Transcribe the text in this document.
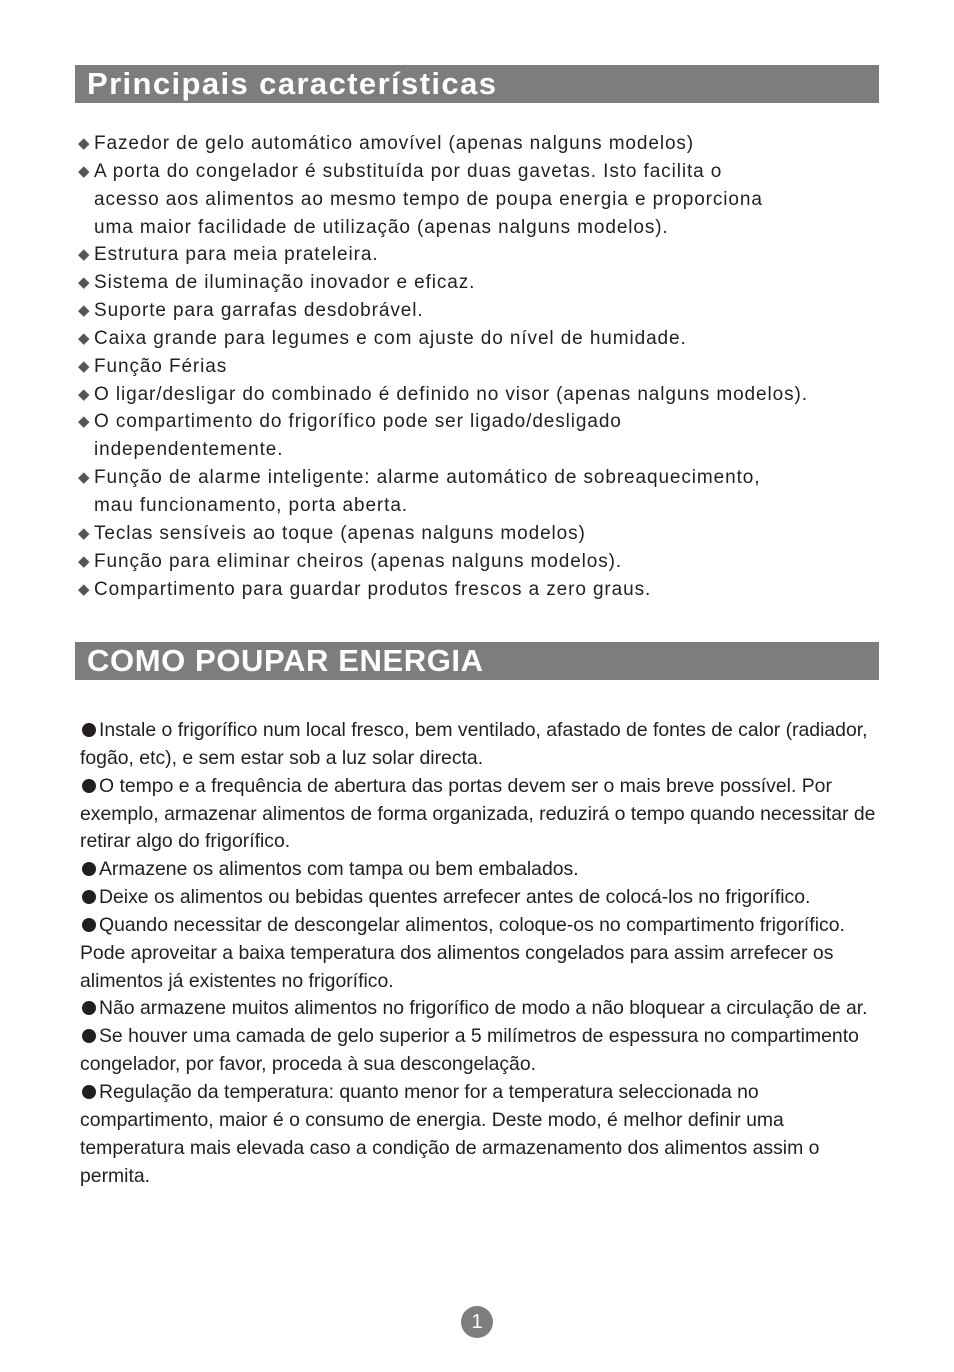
Principais características
◆ Fazedor de gelo automático amovível (apenas nalguns modelos)
◆ A porta do congelador é substituída por duas gavetas. Isto facilita o
acesso aos alimentos ao mesmo tempo de poupa energia e proporciona
uma maior facilidade de utilização (apenas nalguns modelos).
◆ Estrutura para meia prateleira.
◆ Sistema de iluminação inovador e eficaz.
◆ Suporte para garrafas desdobrável.
◆ Caixa grande para legumes e com ajuste do nível de humidade.
◆ Função Férias
◆ O ligar/desligar do combinado é definido no visor (apenas nalguns modelos).
◆ O compartimento do frigorífico pode ser ligado/desligado
independentemente.
◆ Função de alarme inteligente: alarme automático de sobreaquecimento,
mau funcionamento, porta aberta.
◆ Teclas sensíveis ao toque (apenas nalguns modelos)
◆ Função para eliminar cheiros (apenas nalguns modelos).
◆ Compartimento para guardar produtos frescos a zero graus.
COMO POUPAR ENERGIA
Instale o frigorífico num local fresco, bem ventilado, afastado de fontes de calor (radiador, fogão, etc), e sem estar sob a luz solar directa.
O tempo e a frequência de abertura das portas devem ser o mais breve possível. Por exemplo, armazenar alimentos de forma organizada, reduzirá o tempo quando necessitar de retirar algo do frigorífico.
Armazene os alimentos com tampa ou bem embalados.
Deixe os alimentos ou bebidas quentes arrefecer antes de colocá-los no frigorífico.
Quando necessitar de descongelar alimentos, coloque-os no compartimento frigorífico. Pode aproveitar a baixa temperatura dos alimentos congelados para assim arrefecer os alimentos já existentes no frigorífico.
Não armazene muitos alimentos no frigorífico de modo a não bloquear a circulação de ar.
Se houver uma camada de gelo superior a 5 milímetros de espessura no compartimento congelador, por favor, proceda à sua descongelação.
Regulação da temperatura: quanto menor for a temperatura seleccionada no compartimento, maior é o consumo de energia. Deste modo, é melhor definir uma temperatura mais elevada caso a condição de armazenamento dos alimentos assim o permita.
1
